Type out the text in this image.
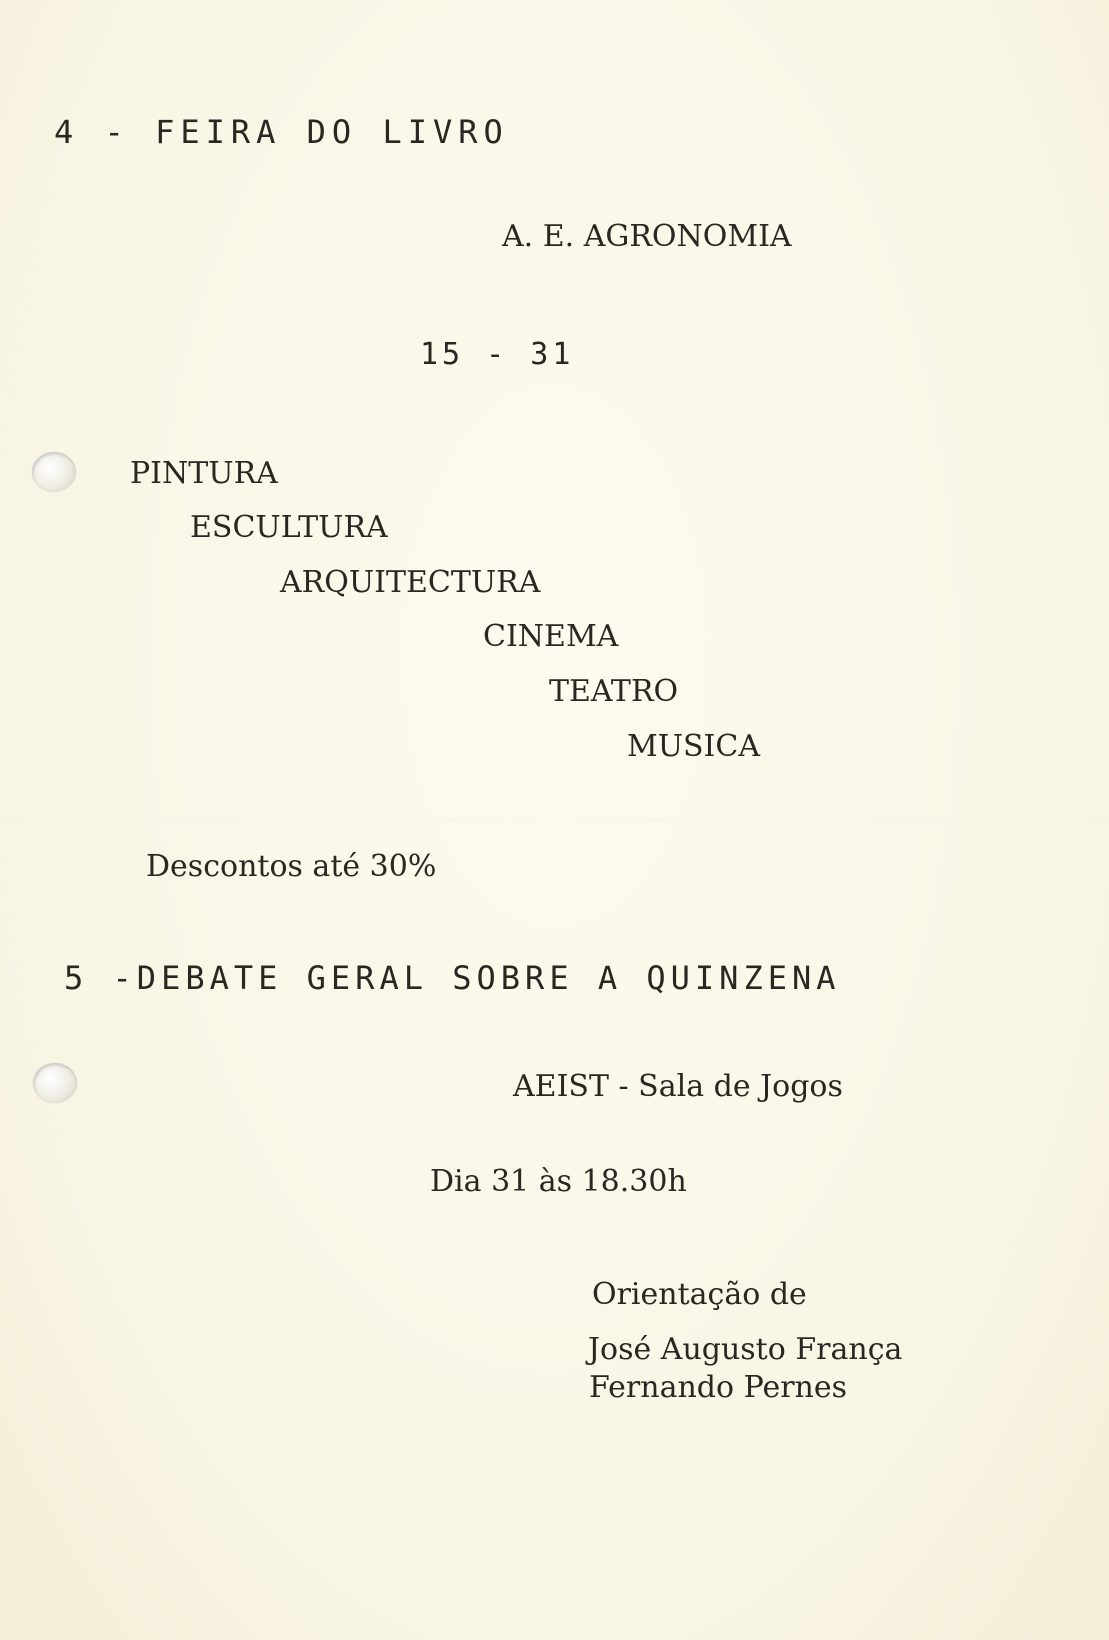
4 - FEIRA DO LIVRO
A. E. AGRONOMIA
15 - 31
PINTURA
ESCULTURA
ARQUITECTURA
CINEMA
TEATRO
MUSICA
Descontos até 30%
5 -DEBATE GERAL SOBRE A QUINZENA
AEIST - Sala de Jogos
Dia 31 às 18.30h
Orientação de
José Augusto França
Fernando Pernes
